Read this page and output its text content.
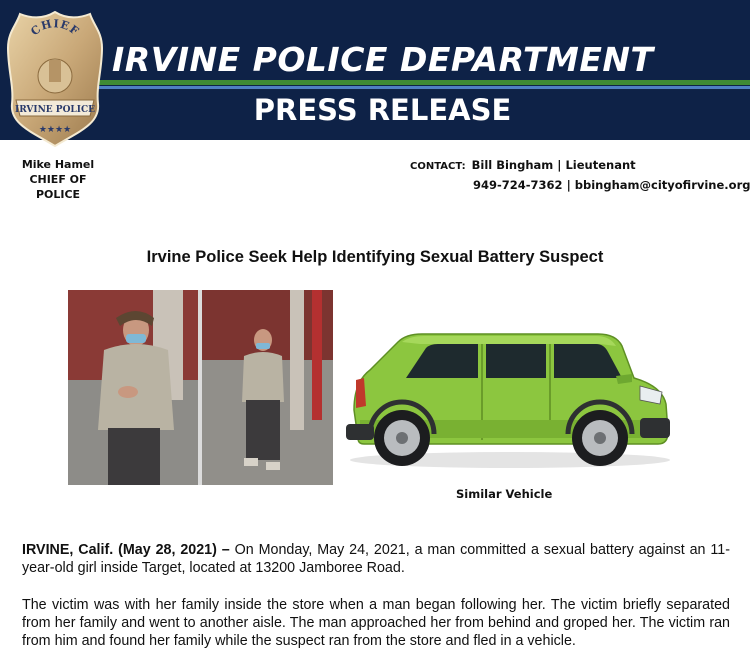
IRVINE POLICE DEPARTMENT
PRESS RELEASE
CHIEF
IRVINE POLICE
★★★★
Mike Hamel
CHIEF OF POLICE
CONTACT: Bill Bingham | Lieutenant
949-724-7362 | bbingham@cityofirvine.org
Irvine Police Seek Help Identifying Sexual Battery Suspect
Similar Vehicle

IRVINE, Calif. (May 28, 2021) – On Monday, May 24, 2021, a man committed a sexual battery against an 11-year-old girl inside Target, located at 13200 Jamboree Road.

The victim was with her family inside the store when a man began following her. The victim briefly separated from her family and went to another aisle. The man approached her from behind and groped her. The victim ran from him and found her family while the suspect ran from the store and fled in a vehicle.
